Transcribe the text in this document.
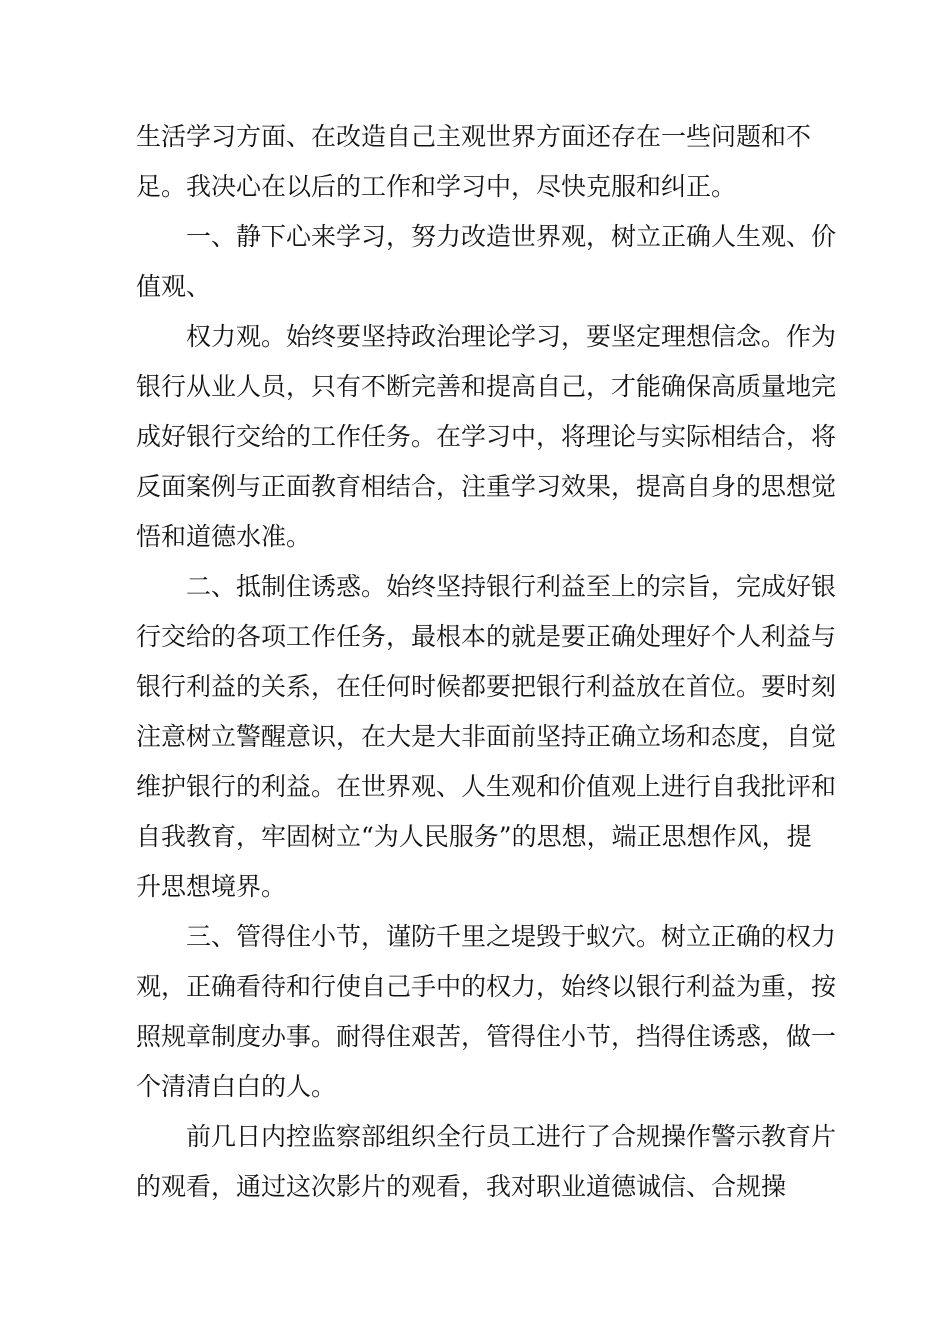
生活学习方面、在改造自己主观世界方面还存在一些问题和不足。我决心在以后的工作和学习中，尽快克服和纠正。

一、静下心来学习，努力改造世界观，树立正确人生观、价值观、

权力观。始终要坚持政治理论学习，要坚定理想信念。作为银行从业人员，只有不断完善和提高自己，才能确保高质量地完成好银行交给的工作任务。在学习中，将理论与实际相结合，将反面案例与正面教育相结合，注重学习效果，提高自身的思想觉悟和道德水准。

二、抵制住诱惑。始终坚持银行利益至上的宗旨，完成好银行交给的各项工作任务，最根本的就是要正确处理好个人利益与银行利益的关系，在任何时候都要把银行利益放在首位。要时刻注意树立警醒意识，在大是大非面前坚持正确立场和态度，自觉维护银行的利益。在世界观、人生观和价值观上进行自我批评和自我教育，牢固树立“为人民服务”的思想，端正思想作风，提升思想境界。

三、管得住小节，谨防千里之堤毁于蚁穴。树立正确的权力观，正确看待和行使自己手中的权力，始终以银行利益为重，按照规章制度办事。耐得住艰苦，管得住小节，挡得住诱惑，做一个清清白白的人。

前几日内控监察部组织全行员工进行了合规操作警示教育片的观看，通过这次影片的观看，我对职业道德诚信、合规操
